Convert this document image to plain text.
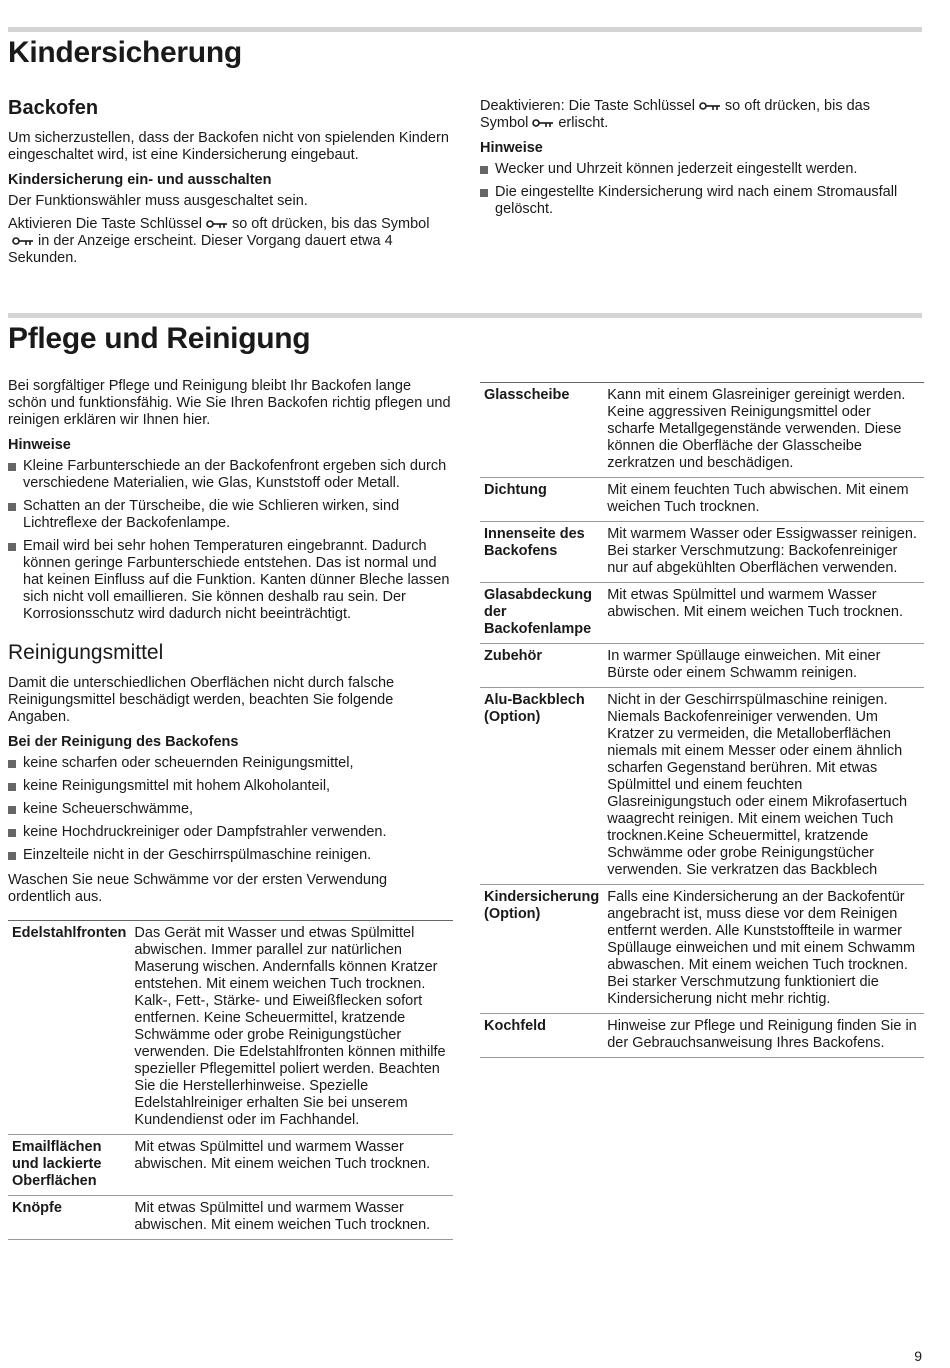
Kindersicherung
Backofen

Um sicherzustellen, dass der Backofen nicht von spielenden Kindern eingeschaltet wird, ist eine Kindersicherung eingebaut.

Kindersicherung ein- und ausschalten

Der Funktionswähler muss ausgeschaltet sein.

Aktivieren Die Taste Schlüssel so oft drücken, bis das Symbolin der Anzeige erscheint. Dieser Vorgang dauert etwa 4 Sekunden.

Deaktivieren: Die Taste Schlüssel so oft drücken, bis das Symbol erlischt.

Hinweise
Wecker und Uhrzeit können jederzeit eingestellt werden.
Die eingestellte Kindersicherung wird nach einem Stromausfall gelöscht.
Pflege und Reinigung

Bei sorgfältiger Pflege und Reinigung bleibt Ihr Backofen lange schön und funktionsfähig. Wie Sie Ihren Backofen richtig pflegen und reinigen erklären wir Ihnen hier.

Hinweise
Kleine Farbunterschiede an der Backofenfront ergeben sich durch verschiedene Materialien, wie Glas, Kunststoff oder Metall.
Schatten an der Türscheibe, die wie Schlieren wirken, sind Lichtreflexe der Backofenlampe.
Email wird bei sehr hohen Temperaturen eingebrannt. Dadurch können geringe Farbunterschiede entstehen. Das ist normal und hat keinen Einfluss auf die Funktion. Kanten dünner Bleche lassen sich nicht voll emaillieren. Sie können deshalb rau sein. Der Korrosionsschutz wird dadurch nicht beeinträchtigt.
Reinigungsmittel

Damit die unterschiedlichen Oberflächen nicht durch falsche Reinigungsmittel beschädigt werden, beachten Sie folgende Angaben.

Bei der Reinigung des Backofens
keine scharfen oder scheuernden Reinigungsmittel,
keine Reinigungsmittel mit hohem Alkoholanteil,
keine Scheuerschwämme,
keine Hochdruckreiniger oder Dampfstrahler verwenden.
Einzelteile nicht in der Geschirrspülmaschine reinigen.

Waschen Sie neue Schwämme vor der ersten Verwendung ordentlich aus.

Edelstahlfronten	Das Gerät mit Wasser und etwas Spülmittel abwischen. Immer parallel zur natürlichen Maserung wischen. Andernfalls können Kratzer entstehen. Mit einem weichen Tuch trocknen. Kalk-, Fett-, Stärke- und Eiweißflecken sofort entfernen. Keine Scheuermittel, kratzende Schwämme oder grobe Reinigungstücher verwenden. Die Edelstahlfronten können mithilfe spezieller Pflegemittel poliert werden. Beachten Sie die Herstellerhinweise. Spezielle Edelstahlreiniger erhalten Sie bei unserem Kundendienst oder im Fachhandel.
Emailflächen und lackierte Oberflächen	Mit etwas Spülmittel und warmem Wasser abwischen. Mit einem weichen Tuch trocknen.
Knöpfe	Mit etwas Spülmittel und warmem Wasser abwischen. Mit einem weichen Tuch trocknen.
Glasscheibe	Kann mit einem Glasreiniger gereinigt werden. Keine aggressiven Reinigungsmittel oder scharfe Metallgegenstände verwenden. Diese können die Oberfläche der Glasscheibe zerkratzen und beschädigen.
Dichtung	Mit einem feuchten Tuch abwischen. Mit einem weichen Tuch trocknen.
Innenseite des Backofens	Mit warmem Wasser oder Essigwasser reinigen. Bei starker Verschmutzung: Backofenreiniger nur auf abgekühlten Oberflächen verwenden.
Glasabdeckung der Backofenlampe	Mit etwas Spülmittel und warmem Wasser abwischen. Mit einem weichen Tuch trocknen.
Zubehör	In warmer Spüllauge einweichen. Mit einer Bürste oder einem Schwamm reinigen.
Alu-Backblech (Option)	Nicht in der Geschirrspülmaschine reinigen. Niemals Backofenreiniger verwenden. Um Kratzer zu vermeiden, die Metalloberflächen niemals mit einem Messer oder einem ähnlich scharfen Gegenstand berühren. Mit etwas Spülmittel und einem feuchten Glasreinigungstuch oder einem Mikrofasertuch waagrecht reinigen. Mit einem weichen Tuch trocknen.Keine Scheuermittel, kratzende Schwämme oder grobe Reinigungstücher verwenden. Sie verkratzen das Backblech
Kindersicherung (Option)	Falls eine Kindersicherung an der Backofentür angebracht ist, muss diese vor dem Reinigen entfernt werden. Alle Kunststoffteile in warmer Spüllauge einweichen und mit einem Schwamm abwaschen. Mit einem weichen Tuch trocknen. Bei starker Verschmutzung funktioniert die Kindersicherung nicht mehr richtig.
Kochfeld	Hinweise zur Pflege und Reinigung finden Sie in der Gebrauchsanweisung Ihres Backofens.
9
